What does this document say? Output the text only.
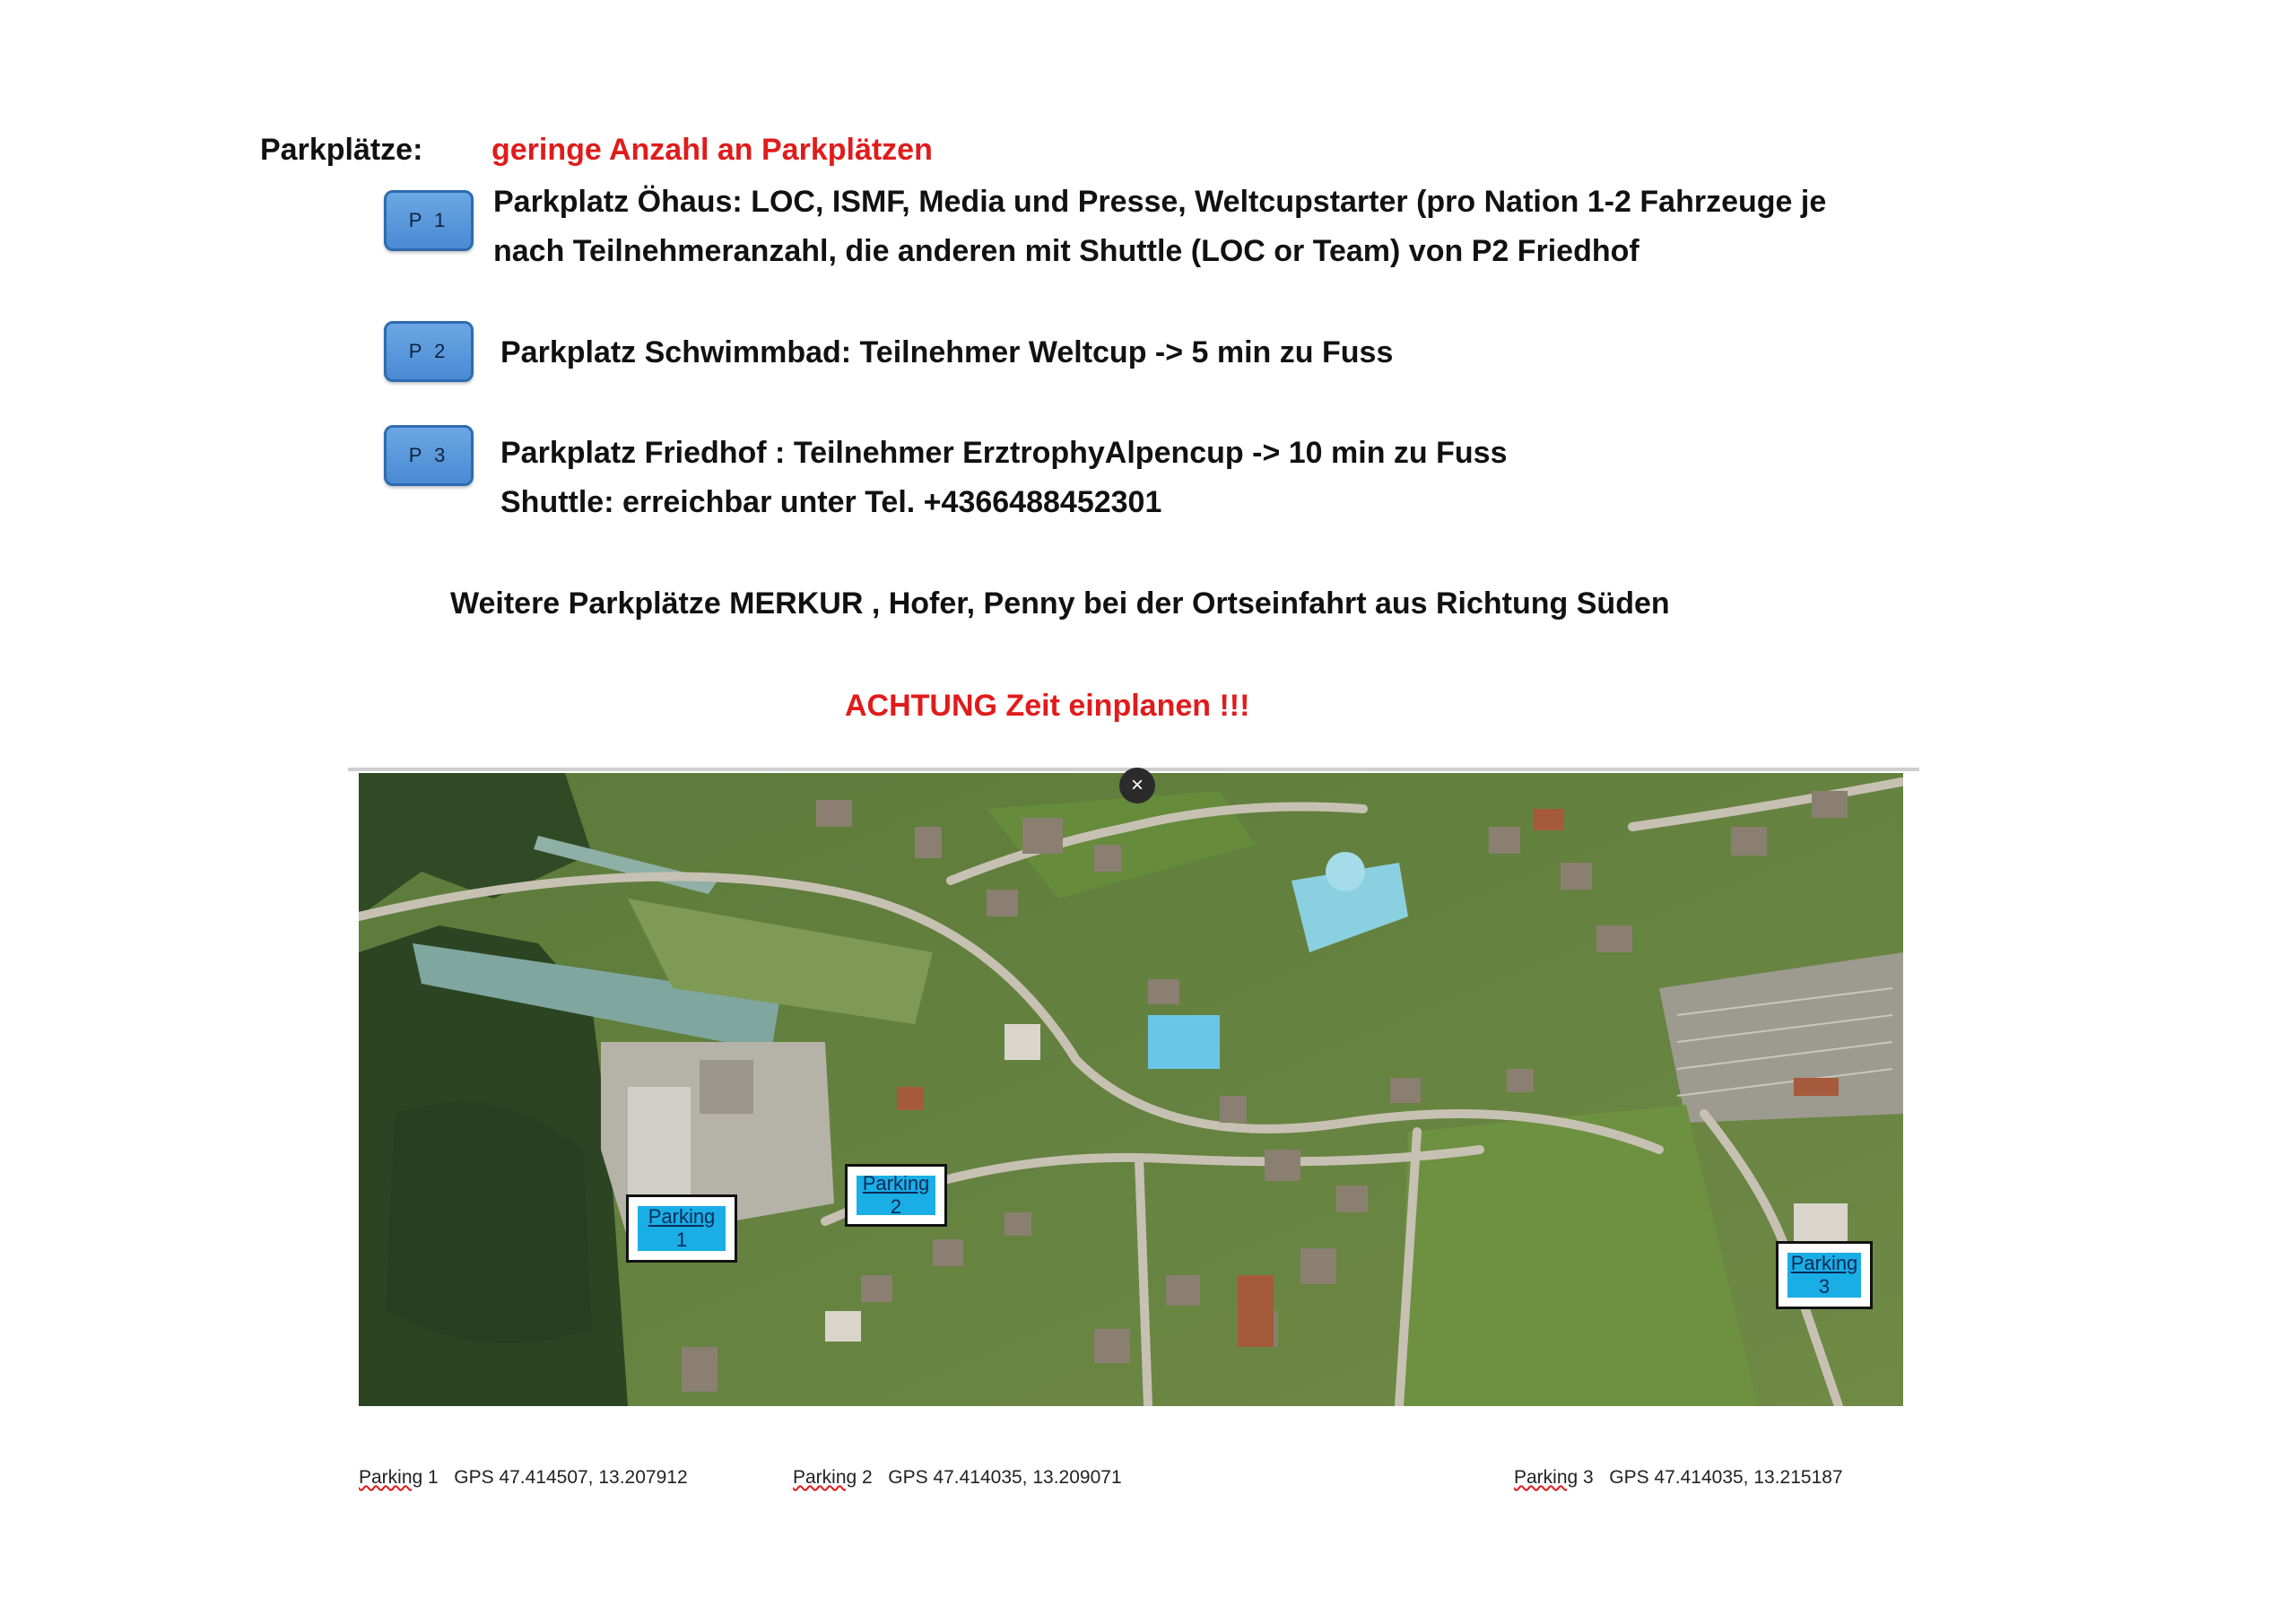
Parkplätze: geringe Anzahl an Parkplätzen
P 1
Parkplatz Öhaus: LOC, ISMF, Media und Presse, Weltcupstarter (pro Nation 1-2 Fahrzeuge je
nach Teilnehmeranzahl, die anderen mit Shuttle (LOC or Team) von P2 Friedhof
P 2 Parkplatz Schwimmbad: Teilnehmer Weltcup -> 5 min zu Fuss
P 3 Parkplatz Friedhof : Teilnehmer ErztrophyAlpencup -> 10 min zu Fuss
Shuttle: erreichbar unter Tel. +4366488452301
Weitere Parkplätze MERKUR , Hofer, Penny bei der Ortseinfahrt aus Richtung Süden
ACHTUNG Zeit einplanen !!!
Parking
1
Parking
2
Parking
3
×
Parking 1 GPS 47.414507, 13.207912	Parking 2 GPS 47.414035, 13.209071	Parking 3 GPS 47.414035, 13.215187
